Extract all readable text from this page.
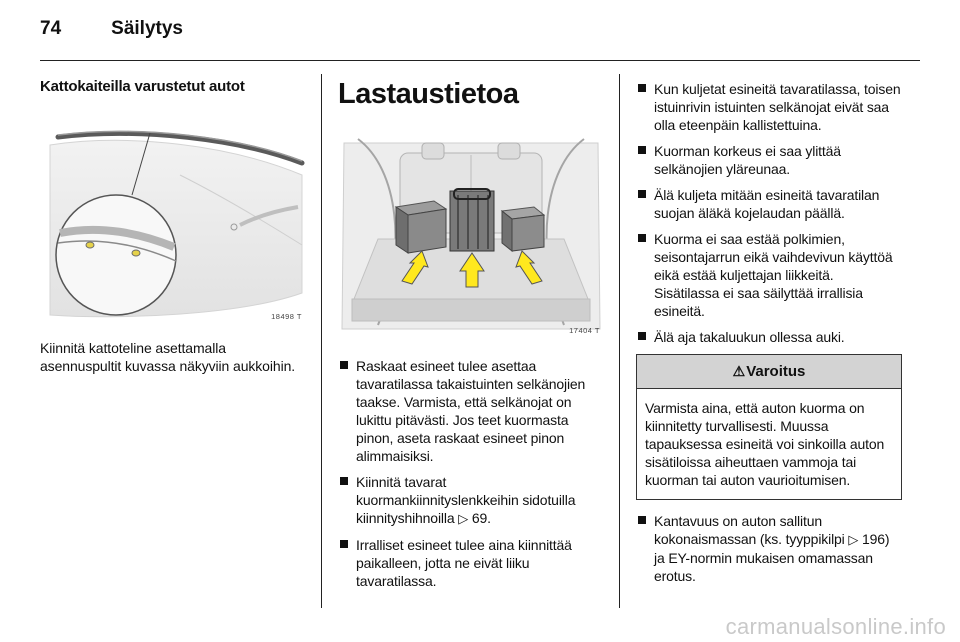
74	Säilytys
Kattokaiteilla varustetut autot
18498 T
Kiinnitä kattoteline asettamalla asennuspultit kuvassa näkyviin aukkoihin.
Lastaustietoa
17404 T
Raskaat esineet tulee asettaa tavaratilassa takaistuinten selkänojien taakse. Varmista, että selkänojat on lukittu pitävästi. Jos teet kuormasta pinon, aseta raskaat esineet pinon alimmaisiksi.
Kiinnitä tavarat kuormankiinnityslenkkeihin sidotuilla kiinnityshihnoilla ▷ 69.
Irralliset esineet tulee aina kiinnittää paikalleen, jotta ne eivät liiku tavaratilassa.
Kun kuljetat esineitä tavaratilassa, toisen istuinrivin istuinten selkänojat eivät saa olla eteenpäin kallistettuina.
Kuorman korkeus ei saa ylittää selkänojien yläreunaa.
Älä kuljeta mitään esineitä tavaratilan suojan äläkä kojelaudan päällä.
Kuorma ei saa estää polkimien, seisontajarrun eikä vaihdevivun käyttöä eikä estää kuljettajan liikkeitä. Sisätilassa ei saa säilyttää irrallisia esineitä.
Älä aja takaluukun ollessa auki.
⚠Varoitus
Varmista aina, että auton kuorma on kiinnitetty turvallisesti. Muussa tapauksessa esineitä voi sinkoilla auton sisätiloissa aiheuttaen vammoja tai kuorman tai auton vaurioitumisen.
Kantavuus on auton sallitun kokonaismassan (ks. tyyppikilpi ▷ 196) ja EY-normin mukaisen omamassan erotus.
carmanualsonline.info
